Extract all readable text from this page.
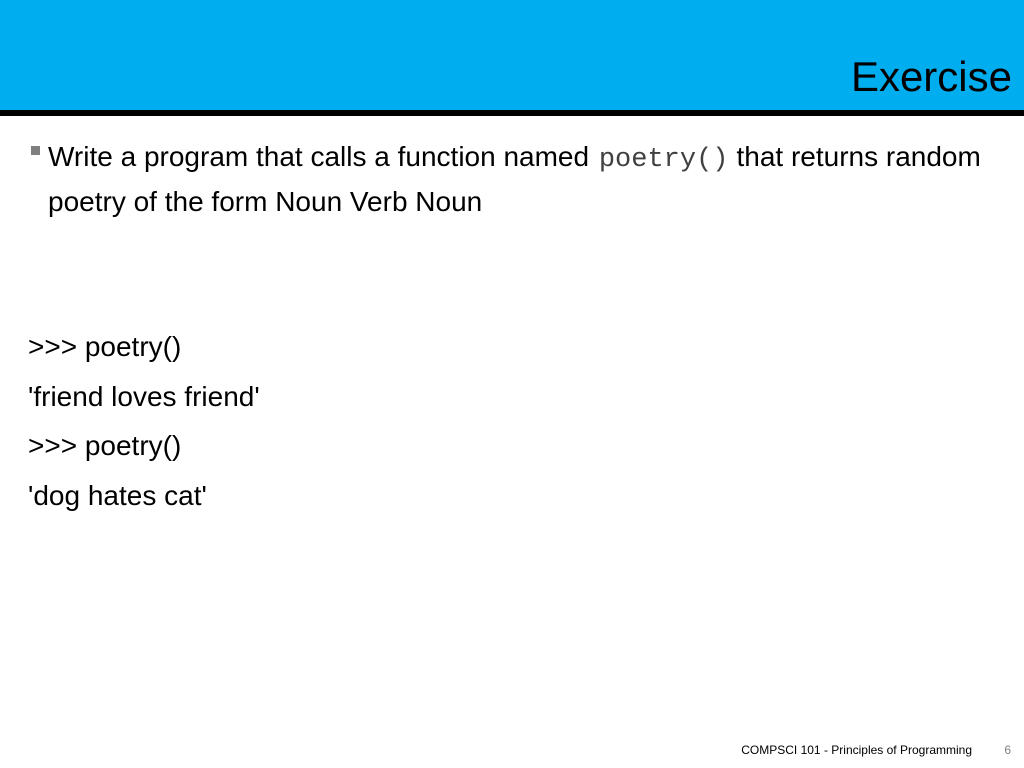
Exercise
Write a program that calls a function named poetry() that returns random poetry of the form Noun Verb Noun
>>> poetry()
'friend loves friend'
>>> poetry()
'dog hates cat'
COMPSCI 101 - Principles of Programming	6
